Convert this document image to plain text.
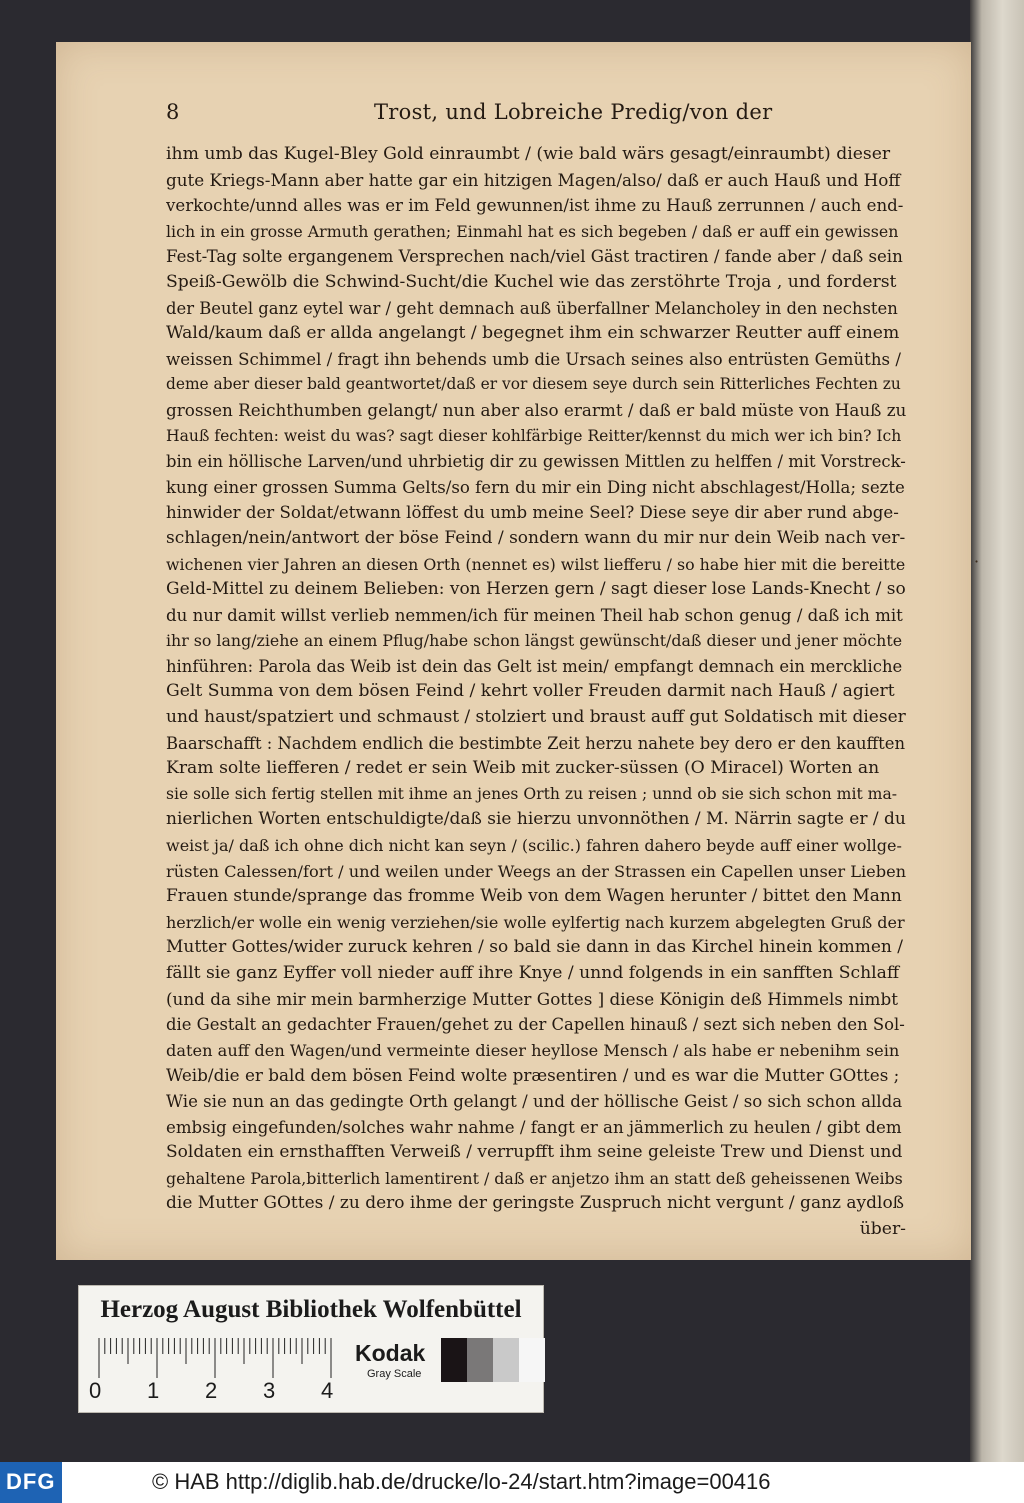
8	Trost, und Lobreiche Predig/von der
ihm umb das Kugel-Bley Gold einraumbt / (wie bald wärs gesagt/einraumbt) dieser
gute Kriegs-Mann aber hatte gar ein hitzigen Magen/also/ daß er auch Hauß und Hoff
verkochte/unnd alles was er im Feld gewunnen/ist ihme zu Hauß zerrunnen / auch end-
lich in ein grosse Armuth gerathen; Einmahl hat es sich begeben / daß er auff ein gewissen
Fest-Tag solte ergangenem Versprechen nach/viel Gäst tractiren / fande aber / daß sein
Speiß-Gewölb die Schwind-Sucht/die Kuchel wie das zerstöhrte Troja , und forderst
der Beutel ganz eytel war / geht demnach auß überfallner Melancholey in den nechsten
Wald/kaum daß er allda angelangt / begegnet ihm ein schwarzer Reutter auff einem
weissen Schimmel / fragt ihn behends umb die Ursach seines also entrüsten Gemüths /
deme aber dieser bald geantwortet/daß er vor diesem seye durch sein Ritterliches Fechten zu
grossen Reichthumben gelangt/ nun aber also erarmt / daß er bald müste von Hauß zu
Hauß fechten: weist du was? sagt dieser kohlfärbige Reitter/kennst du mich wer ich bin? Ich
bin ein höllische Larven/und uhrbietig dir zu gewissen Mittlen zu helffen / mit Vorstreck-
kung einer grossen Summa Gelts/so fern du mir ein Ding nicht abschlagest/Holla; sezte
hinwider der Soldat/etwann löffest du umb meine Seel? Diese seye dir aber rund abge-
schlagen/nein/antwort der böse Feind / sondern wann du mir nur dein Weib nach ver-
wichenen vier Jahren an diesen Orth (nennet es) wilst liefferu / so habe hier mit die bereitte
Geld-Mittel zu deinem Belieben: von Herzen gern / sagt dieser lose Lands-Knecht / so
du nur damit willst verlieb nemmen/ich für meinen Theil hab schon genug / daß ich mit
ihr so lang/ziehe an einem Pflug/habe schon längst gewünscht/daß dieser und jener möchte
hinführen: Parola das Weib ist dein das Gelt ist mein/ empfangt demnach ein merckliche
Gelt Summa von dem bösen Feind / kehrt voller Freuden darmit nach Hauß / agiert
und haust/spatziert und schmaust / stolziert und braust auff gut Soldatisch mit dieser
Baarschafft : Nachdem endlich die bestimbte Zeit herzu nahete bey dero er den kaufften
Kram solte liefferen / redet er sein Weib mit zucker-süssen (O Miracel) Worten an
sie solle sich fertig stellen mit ihme an jenes Orth zu reisen ; unnd ob sie sich schon mit ma-
nierlichen Worten entschuldigte/daß sie hierzu unvonnöthen / M. Närrin sagte er / du
weist ja/ daß ich ohne dich nicht kan seyn / (scilic.) fahren dahero beyde auff einer wollge-
rüsten Calessen/fort / und weilen under Weegs an der Strassen ein Capellen unser Lieben
Frauen stunde/sprange das fromme Weib von dem Wagen herunter / bittet den Mann
herzlich/er wolle ein wenig verziehen/sie wolle eylfertig nach kurzem abgelegten Gruß der
Mutter Gottes/wider zuruck kehren / so bald sie dann in das Kirchel hinein kommen /
fällt sie ganz Eyffer voll nieder auff ihre Knye / unnd folgends in ein sanfften Schlaff
(und da sihe mir mein barmherzige Mutter Gottes ] diese Königin deß Himmels nimbt
die Gestalt an gedachter Frauen/gehet zu der Capellen hinauß / sezt sich neben den Sol-
daten auff den Wagen/und vermeinte dieser heyllose Mensch / als habe er nebenihm sein
Weib/die er bald dem bösen Feind wolte præsentiren / und es war die Mutter GOttes ;
Wie sie nun an das gedingte Orth gelangt / und der höllische Geist / so sich schon allda
embsig eingefunden/solches wahr nahme / fangt er an jämmerlich zu heulen / gibt dem
Soldaten ein ernsthafften Verweiß / verrupfft ihm seine geleiste Trew und Dienst und
gehaltene Parola,bitterlich lamentirent / daß er anjetzo ihm an statt deß geheissenen Weibs
die Mutter GOttes / zu dero ihme der geringste Zuspruch nicht vergunt / ganz aydloß
über-
·
Herzog August Bibliothek Wolfenbüttel
0 1 2 3 4
Kodak
Gray Scale
DFG	© HAB http://diglib.hab.de/drucke/lo-24/start.htm?image=00416
